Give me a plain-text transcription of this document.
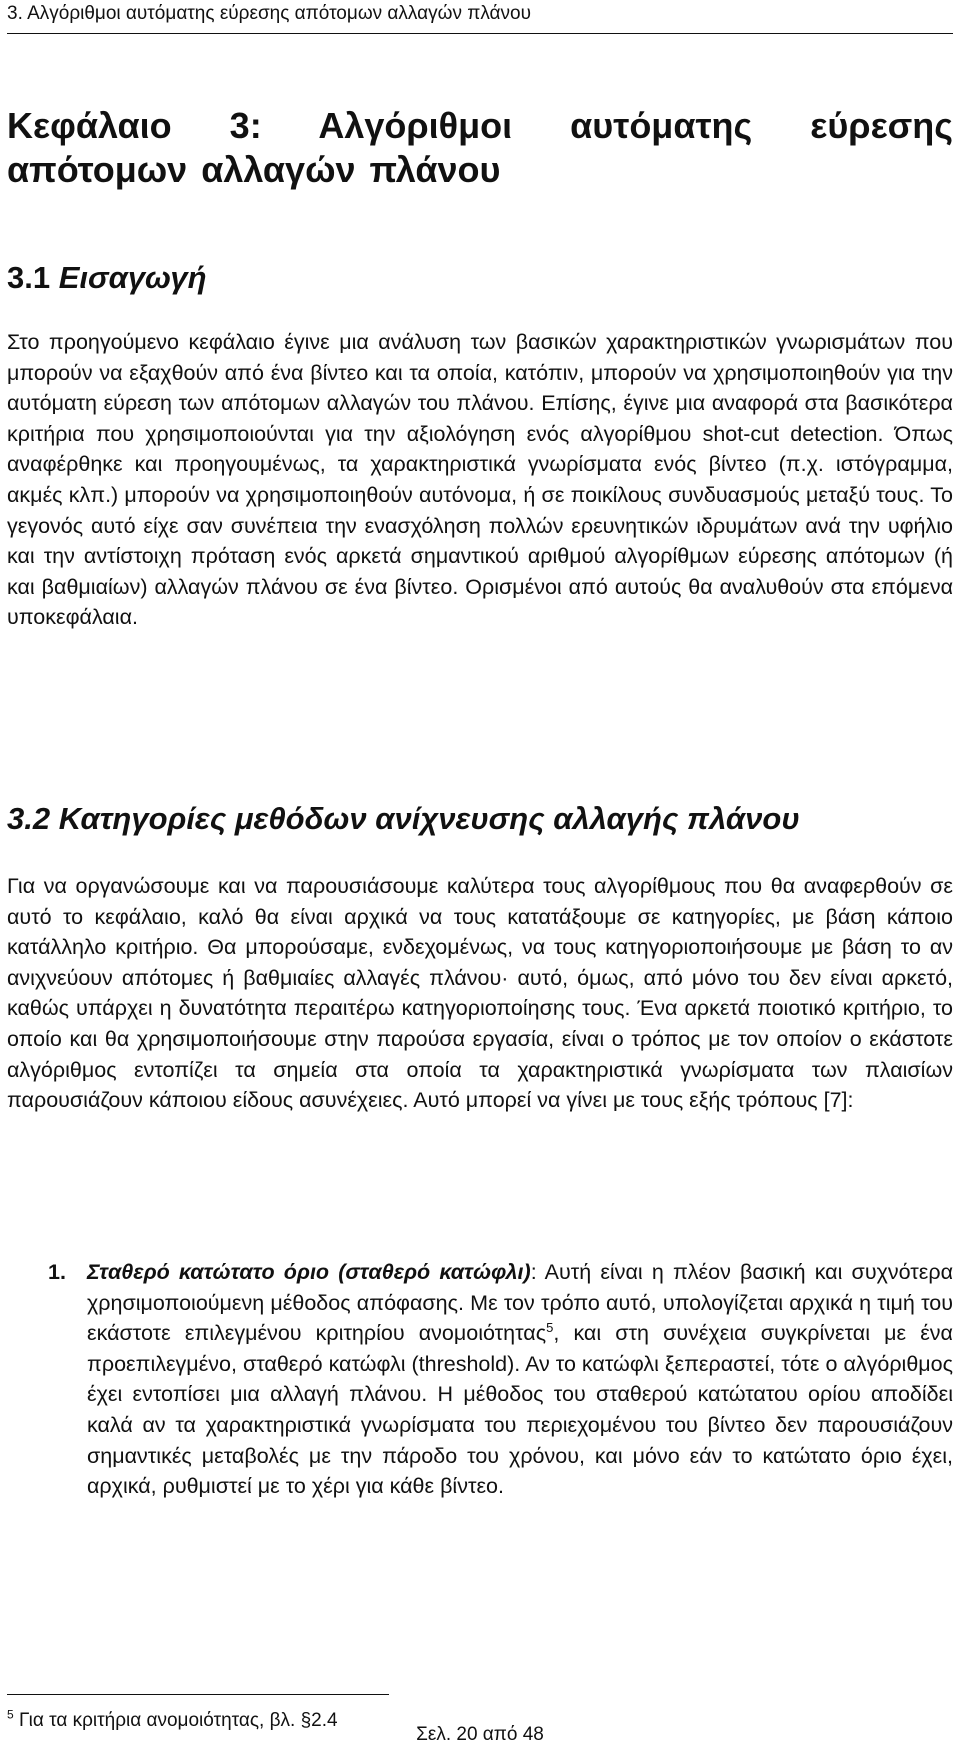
3. Αλγόριθμοι αυτόματης εύρεσης απότομων αλλαγών πλάνου
Κεφάλαιο 3: Αλγόριθμοι αυτόματης εύρεσης απότομων αλλαγών πλάνου
3.1 Εισαγωγή

Στο προηγούμενο κεφάλαιο έγινε μια ανάλυση των βασικών χαρακτηριστικών γνωρισμάτων που μπορούν να εξαχθούν από ένα βίντεο και τα οποία, κατόπιν, μπορούν να χρησιμοποιηθούν για την αυτόματη εύρεση των απότομων αλλαγών του πλάνου. Επίσης, έγινε μια αναφορά στα βασικότερα κριτήρια που χρησιμοποιούνται για την αξιολόγηση ενός αλγορίθμου shot-cut detection. Όπως αναφέρθηκε και προηγουμένως, τα χαρακτηριστικά γνωρίσματα ενός βίντεο (π.χ. ιστόγραμμα, ακμές κλπ.) μπορούν να χρησιμοποιηθούν αυτόνομα, ή σε ποικίλους συνδυασμούς μεταξύ τους. Το γεγονός αυτό είχε σαν συνέπεια την ενασχόληση πολλών ερευνητικών ιδρυμάτων ανά την υφήλιο και την αντίστοιχη πρόταση ενός αρκετά σημαντικού αριθμού αλγορίθμων εύρεσης απότομων (ή και βαθμιαίων) αλλαγών πλάνου σε ένα βίντεο. Ορισμένοι από αυτούς θα αναλυθούν στα επόμενα υποκεφάλαια.

3.2 Κατηγορίες μεθόδων ανίχνευσης αλλαγής πλάνου

Για να οργανώσουμε και να παρουσιάσουμε καλύτερα τους αλγορίθμους που θα αναφερθούν σε αυτό το κεφάλαιο, καλό θα είναι αρχικά να τους κατατάξουμε σε κατηγορίες, με βάση κάποιο κατάλληλο κριτήριο. Θα μπορούσαμε, ενδεχομένως, να τους κατηγοριοποιήσουμε με βάση το αν ανιχνεύουν απότομες ή βαθμιαίες αλλαγές πλάνου· αυτό, όμως, από μόνο του δεν είναι αρκετό, καθώς υπάρχει η δυνατότητα περαιτέρω κατηγοριοποίησης τους. Ένα αρκετά ποιοτικό κριτήριο, το οποίο και θα χρησιμοποιήσουμε στην παρούσα εργασία, είναι ο τρόπος με τον οποίον ο εκάστοτε αλγόριθμος εντοπίζει τα σημεία στα οποία τα χαρακτηριστικά γνωρίσματα των πλαισίων παρουσιάζουν κάποιου είδους ασυνέχειες. Αυτό μπορεί να γίνει με τους εξής τρόπους [7]:

1. Σταθερό κατώτατο όριο (σταθερό κατώφλι): Αυτή είναι η πλέον βασική και συχνότερα χρησιμοποιούμενη μέθοδος απόφασης. Με τον τρόπο αυτό, υπολογίζεται αρχικά η τιμή του εκάστοτε επιλεγμένου κριτηρίου ανομοιότητας$^5$, και στη συνέχεια συγκρίνεται με ένα προεπιλεγμένο, σταθερό κατώφλι (threshold). Αν το κατώφλι ξεπεραστεί, τότε ο αλγόριθμος έχει εντοπίσει μια αλλαγή πλάνου. Η μέθοδος του σταθερού κατώτατου ορίου αποδίδει καλά αν τα χαρακτηριστικά γνωρίσματα του περιεχομένου του βίντεο δεν παρουσιάζουν σημαντικές μεταβολές με την πάροδο του χρόνου, και μόνο εάν το κατώτατο όριο έχει, αρχικά, ρυθμιστεί με το χέρι για κάθε βίντεο.

$^5$ Για τα κριτήρια ανομοιότητας, βλ. §2.4
Σελ. 20 από 48
